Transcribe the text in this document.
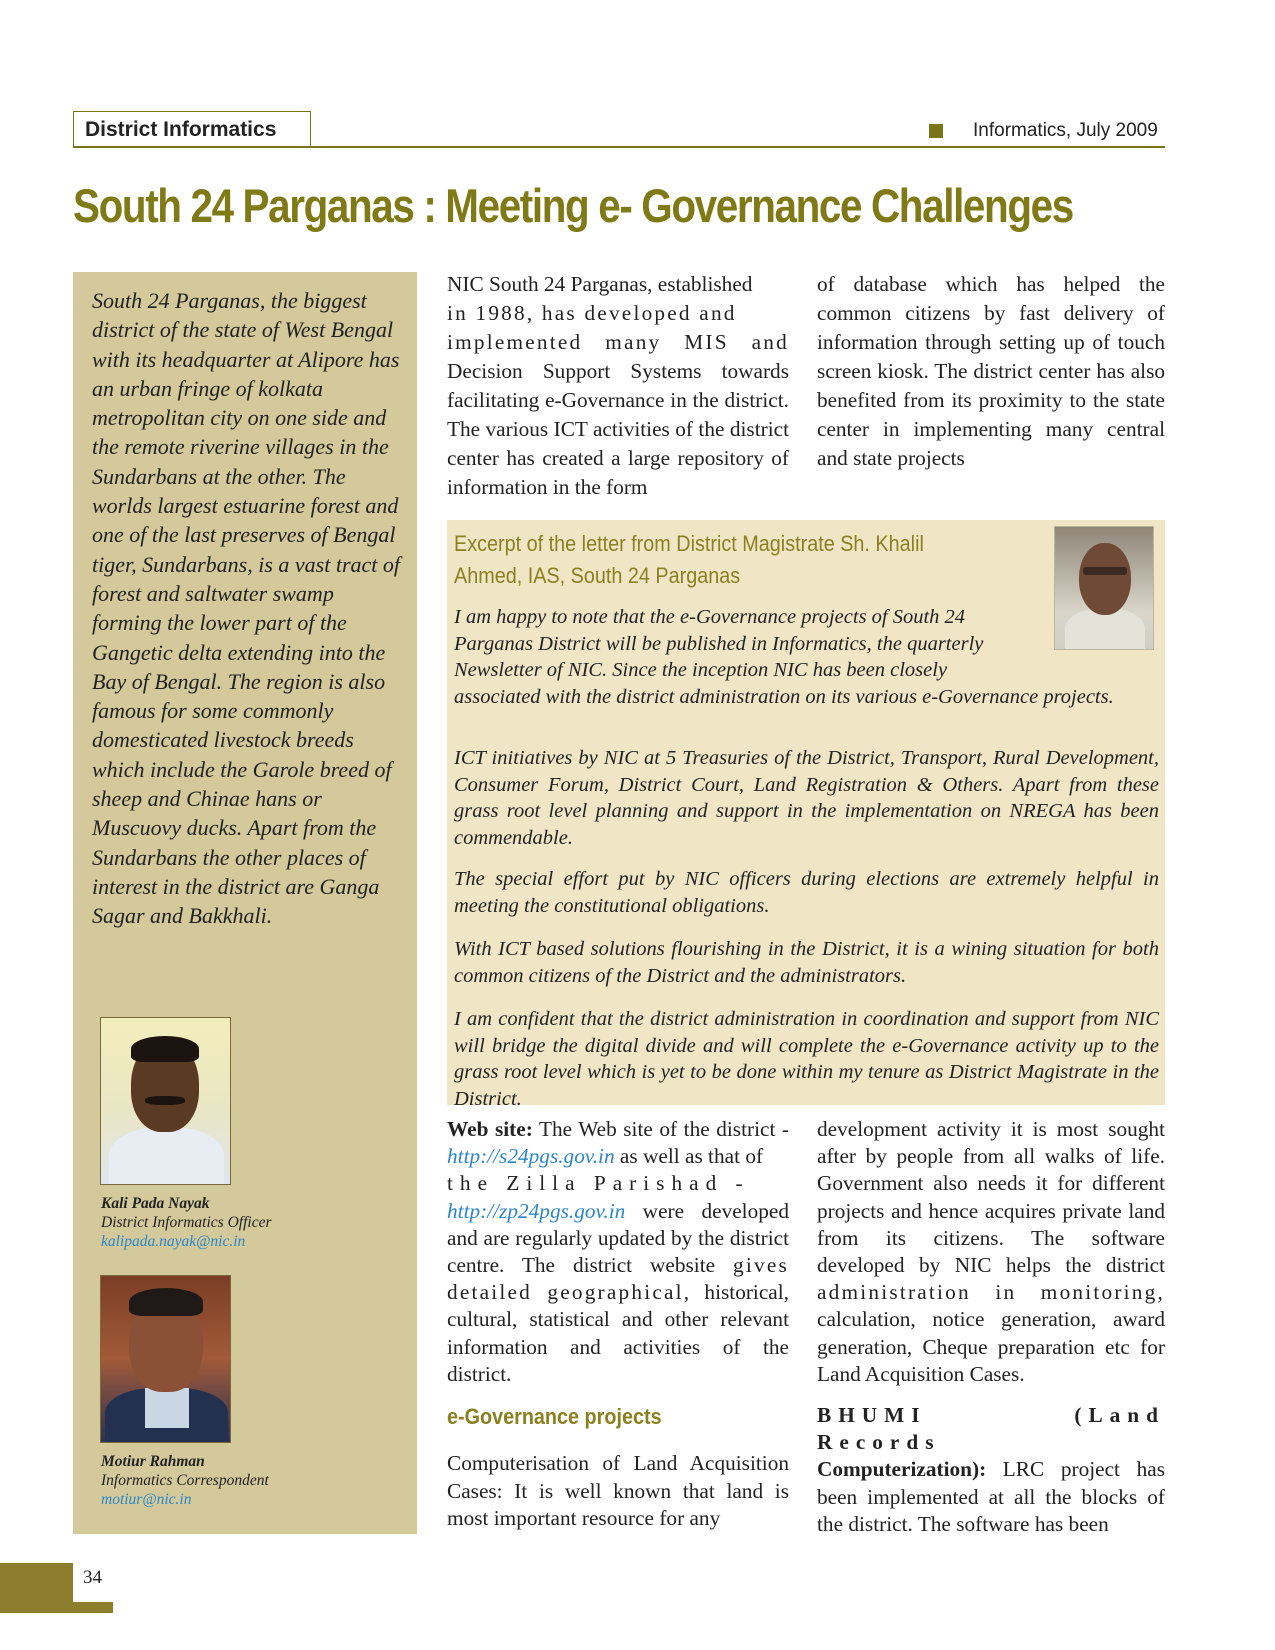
District Informatics	Informatics, July 2009
South 24 Parganas : Meeting e- Governance Challenges

South 24 Parganas, the biggest district of the state of West Bengal with its headquarter at Alipore has an urban fringe of kolkata metropolitan city on one side and the remote riverine villages in the Sundarbans at the other. The worlds largest estuarine forest and one of the last preserves of Bengal tiger, Sundarbans, is a vast tract of forest and saltwater swamp forming the lower part of the Gangetic delta extending into the Bay of Bengal. The region is also famous for some commonly domesticated livestock breeds which include the Garole breed of sheep and Chinae hans or Muscuovy ducks. Apart from the Sundarbans the other places of interest in the district are Ganga Sagar and Bakkhali.

Kali Pada Nayak
District Informatics Officer
kalipada.nayak@nic.in
Motiur Rahman
Informatics Correspondent
motiur@nic.in
NIC South 24 Parganas, established
in 1988, has developed and
implemented many MIS and Decision Support Systems towards facilitating e-Governance in the district. The various ICT activities of the district center has created a large repository of information in the form
of database which has helped the common citizens by fast delivery of information through setting up of touch screen kiosk. The district center has also benefited from its proximity to the state center in implementing many central and state projects
Excerpt of the letter from District Magistrate Sh. Khalil
Ahmed, IAS, South 24 Parganas

I am happy to note that the e-Governance projects of South 24
Parganas District will be published in Informatics, the quarterly
Newsletter of NIC. Since the inception NIC has been closely
associated with the district administration on its various e-Governance projects.

ICT initiatives by NIC at 5 Treasuries of the District, Transport, Rural Development, Consumer Forum, District Court, Land Registration & Others. Apart from these grass root level planning and support in the implementation on NREGA has been commendable.

The special effort put by NIC officers during elections are extremely helpful in meeting the constitutional obligations.

With ICT based solutions flourishing in the District, it is a wining situation for both common citizens of the District and the administrators.

I am confident that the district administration in coordination and support from NIC will bridge the digital divide and will complete the e-Governance activity up to the grass root level which is yet to be done within my tenure as District Magistrate in the District.

Web site: The Web site of the district - http://s24pgs.gov.in as well as that of
the Zilla Parishad -
http://zp24pgs.gov.in were developed and are regularly updated by the district centre. The district website gives detailed geographical, historical, cultural, statistical and other relevant information and activities of the district.
development activity it is most sought after by people from all walks of life. Government also needs it for different projects and hence acquires private land from its citizens. The software developed by NIC helps the district administration in monitoring, calculation, notice generation, award generation, Cheque preparation etc for Land Acquisition Cases.
BHUMI (Land Records
Computerization): LRC project has been implemented at all the blocks of the district. The software has been
e-Governance projects
Computerisation of Land Acquisition Cases: It is well known that land is most important resource for any
34
